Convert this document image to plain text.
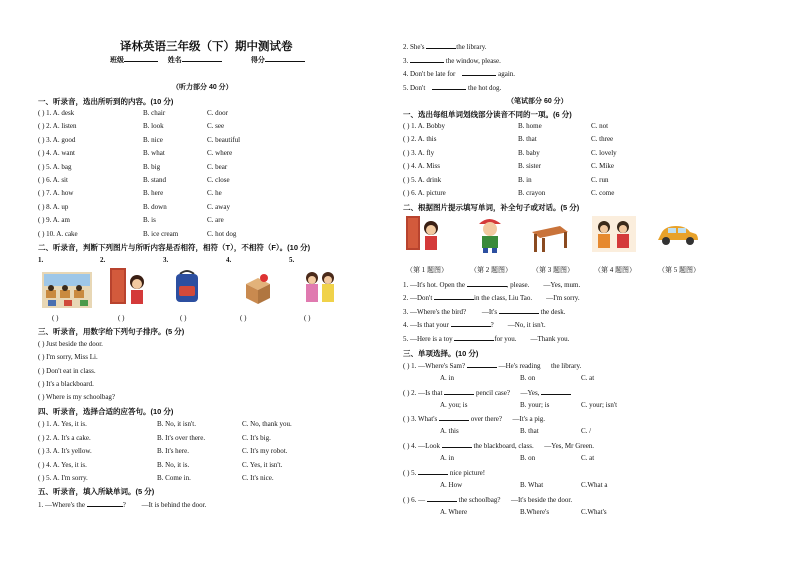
译林英语三年级（下）期中测试卷
班级	姓名	得分
（听力部分 40 分）
一、听录音，选出所听到的内容。(10 分)
( ) 1. A. desk	B. chair	C. door
( ) 2. A. listen	B. look	C. see
( ) 3. A. good	B. nice	C. beautiful
( ) 4. A. want	B. what	C. where
( ) 5. A. bag	B. big	C. bear
( ) 6. A. sit	B. stand	C. close
( ) 7. A. how	B. here	C. he
( ) 8. A. up	B. down	C. away
( ) 9. A. am	B. is	C. are
( ) 10. A. cake	B. ice cream	C. hot dog
二、听录音，判断下列图片与所听内容是否相符，相符（T），不相符（F）。(10 分)
1.	2.	3.	4.	5.
( )	( )	( )	( )	( )
三、听录音，用数字给下列句子排序。(5 分)
( ) Just beside the door.
( ) I'm sorry, Miss Li.
( ) Don't eat in class.
( ) It's a blackboard.
( ) Where is my schoolbag?
四、听录音，选择合适的应答句。(10 分)
( ) 1. A. Yes, it is.	B. No, it isn't.	C. No, thank you.
( ) 2. A. It's a cake.	B. It's over there.	C. It's big.
( ) 3. A. It's yellow.	B. It's here.	C. It's my robot.
( ) 4. A. Yes, it is.	B. No, it is.	C. Yes, it isn't.
( ) 5. A. I'm sorry.	B. Come in.	C. It's nice.
五、听录音，填入所缺单词。(5 分)
1. —Where's the	? —It is behind the door.
2. She's	the library.
3.	the window, please.
4. Don't be late for	again.
5. Don't	the hot dog.
（笔试部分 60 分）
一、选出每组单词划线部分读音不同的一项。(6 分)
( ) 1. A. Bobby	B. home	C. not
( ) 2. A. this	B. that	C. three
( ) 3. A. fly	B. baby	C. lovely
( ) 4. A. Miss	B. sister	C. Mike
( ) 5. A. drink	B. in	C. run
( ) 6. A. picture	B. crayon	C. come
二、根据图片提示填写单词，补全句子或对话。(5 分)
（第 1 题图）	（第 2 题图）	（第 3 题图）	（第 4 题图）	（第 5 题图）
1. —It's hot. Open the	, please. —Yes, mum.
2. —Don't	in the class, Liu Tao. —I'm sorry.
3. —Where's the bird? —It's	the desk.
4. —Is that your	? —No, it isn't.
5. —Here is a toy	for you. —Thank you.
三、单项选择。(10 分)
( ) 1. —Where's Sam?	—He's reading the library.
A. in	B. on	C. at
( ) 2. —Is that	pencil case? —Yes,
A. you; is	B. your; is	C. your; isn't
( ) 3. What's	over there? —It's a pig.
A. this	B. that	C. /
( ) 4. —Look	the blackboard, class. —Yes, Mr Green.
A. in	B. on	C. at
( ) 5.	nice picture!
A. How	B. What	C.What a
( ) 6. —	the schoolbag? —It's beside the door.
A. Where	B.Where's	C.What's
